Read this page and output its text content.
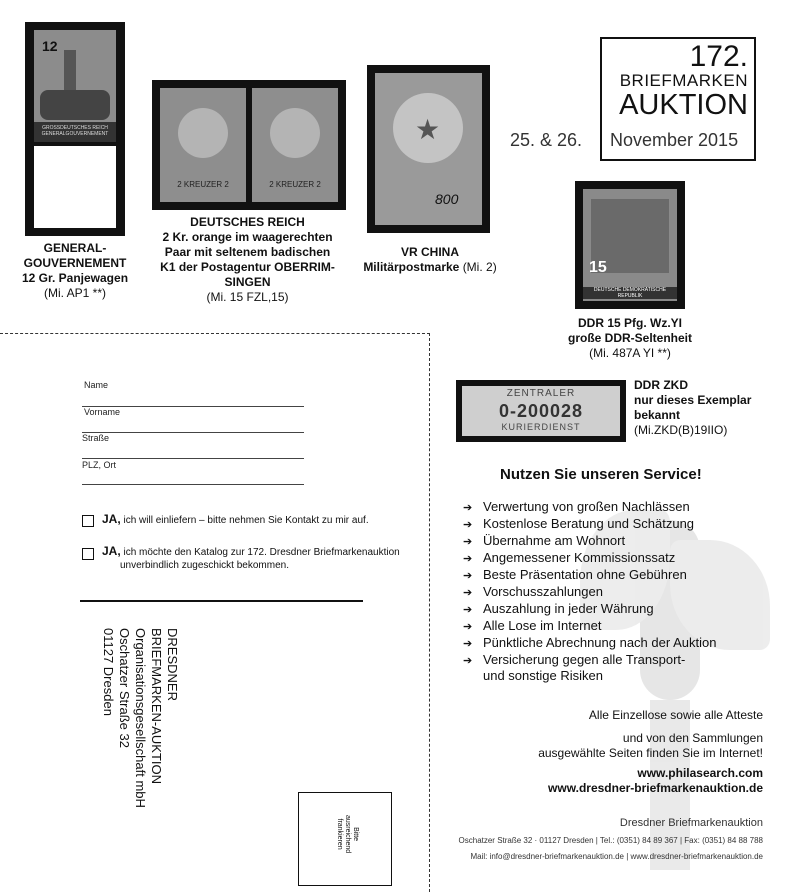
12
GROSSDEUTSCHES REICH
GENERALGOUVERNEMENT
2 KREUZER 2	2 KREUZER 2
★
800
15
DEUTSCHE DEMOKRATISCHE REPUBLIK
ZENTRALER
0-200028
KURIERDIENST
GENERAL-
GOUVERNEMENT
12 Gr. Panjewagen
(Mi. AP1 **)
DEUTSCHES REICH
2 Kr. orange im waagerechten
Paar mit seltenem badischen
K1 der Postagentur OBERRIM-
SINGEN
(Mi. 15 FZL,15)
VR CHINA
Militärpostmarke (Mi. 2)
DDR 15 Pfg. Wz.YI
große DDR-Seltenheit
(Mi. 487A YI **)
DDR ZKD
nur dieses Exemplar
bekannt
(Mi.ZKD(B)19IIO)
172.
BRIEFMARKEN
AUKTION
25. & 26. November 2015
Name
Vorname
Straße
PLZ, Ort
JA, ich will einliefern – bitte nehmen Sie Kontakt zu mir auf.
JA, ich möchte den Katalog zur 172. Dresdner Briefmarkenauktion
unverbindlich zugeschickt bekommen.
DRESDNER
BRIEFMARKEN-AUKTION
Organisationsgesellschaft mbH
Oschatzer Straße 32
01127 Dresden
Bitte
ausreichend
frankieren
Nutzen Sie unseren Service!
➔ Verwertung von großen Nachlässen
➔ Kostenlose Beratung und Schätzung
➔ Übernahme am Wohnort
➔ Angemessener Kommissionssatz
➔ Beste Präsentation ohne Gebühren
➔ Vorschusszahlungen
➔ Auszahlung in jeder Währung
➔ Alle Lose im Internet
➔ Pünktliche Abrechnung nach der Auktion
➔ Versicherung gegen alle Transport-
und sonstige Risiken
Alle Einzellose sowie alle Atteste
und von den Sammlungen
ausgewählte Seiten finden Sie im Internet!
www.philasearch.com
www.dresdner-briefmarkenauktion.de
Dresdner Briefmarkenauktion
Oschatzer Straße 32 · 01127 Dresden | Tel.: (0351) 84 89 367 | Fax: (0351) 84 88 788
Mail: info@dresdner-briefmarkenauktion.de | www.dresdner-briefmarkenauktion.de
